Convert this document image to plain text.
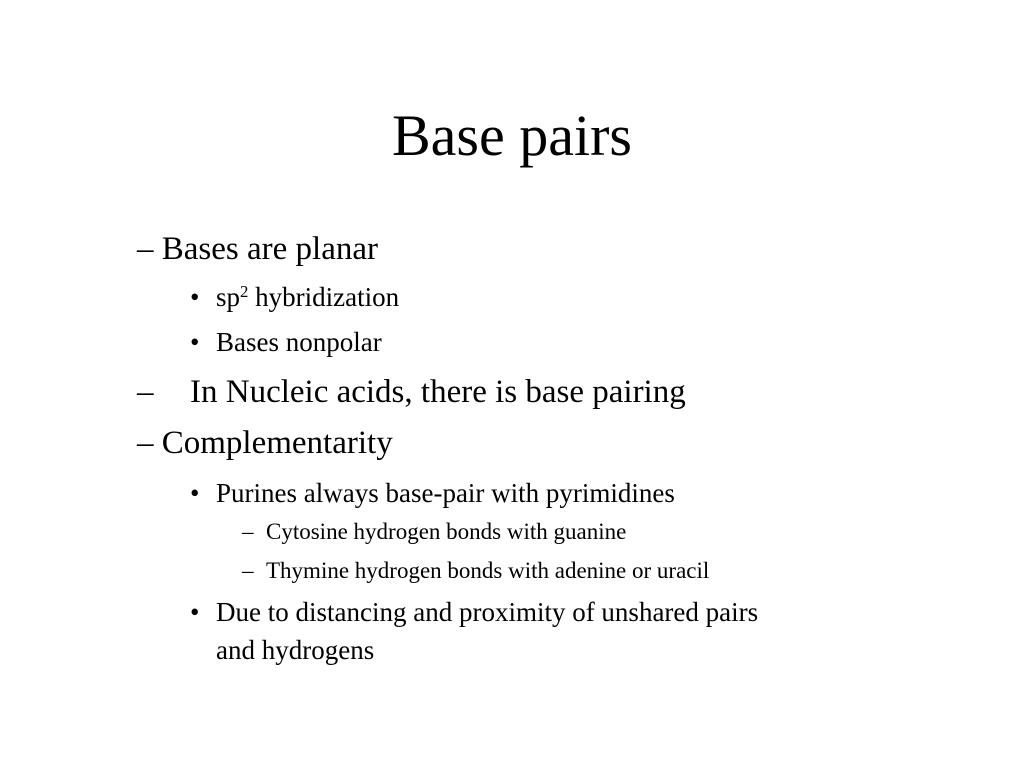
Base pairs
– Bases are planar
• $sp^2$ hybridization
• Bases nonpolar
– In Nucleic acids, there is base pairing
– Complementarity
• Purines always base-pair with pyrimidines
– Cytosine hydrogen bonds with guanine
– Thymine hydrogen bonds with adenine or uracil
• Due to distancing and proximity of unshared pairs
and hydrogens
